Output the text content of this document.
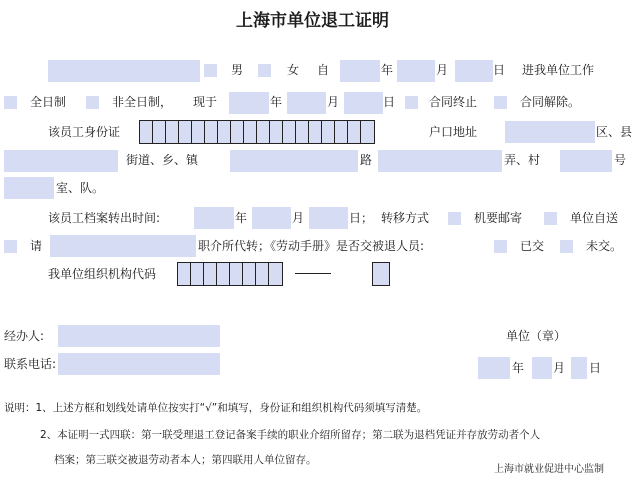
上海市单位退工证明
男	女 自	年	月	日 进我单位工作
全日制	非全日制， 现于	年	月	日	合同终止	合同解除。
该员工身份证	户口地址	区、县
街道、乡、镇	路	弄、村	号
室、队。
该员工档案转出时间:	年	月	日； 转移方式	机要邮寄	单位自送
请	职介所代转；《劳动手册》是否交被退人员:	已交	未交。
我单位组织机构代码
经办人:
联系电话:
单位（章）
年 月 日
说明：1、上述方框和划线处请单位按实打“√”和填写，身份证和组织机构代码须填写清楚。
2、本证明一式四联：第一联受理退工登记备案手续的职业介绍所留存；第二联为退档凭证并存放劳动者个人
档案；第三联交被退劳动者本人；第四联用人单位留存。
上海市就业促进中心监制
